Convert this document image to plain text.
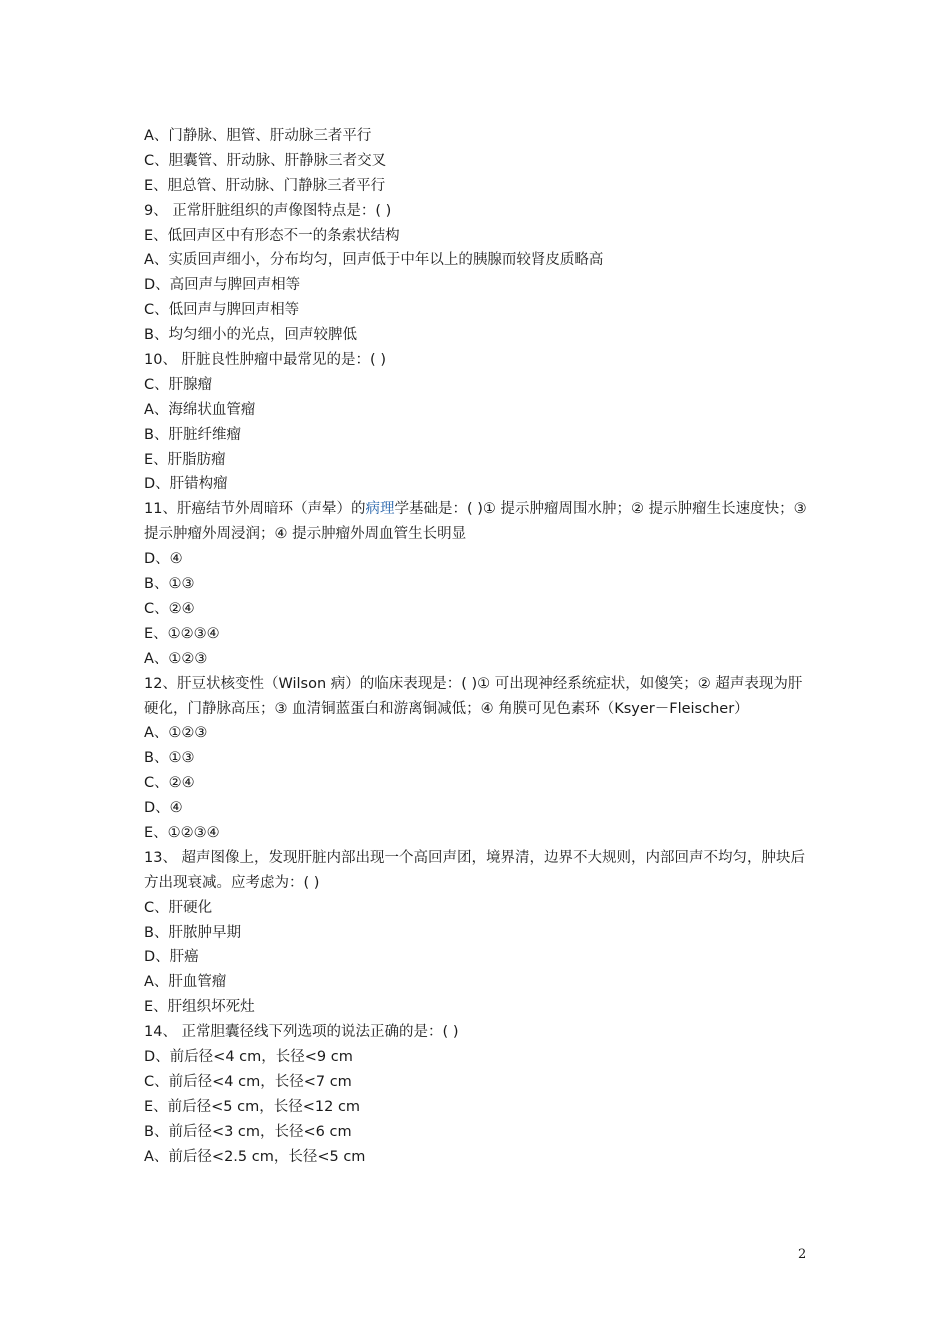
A、门静脉、胆管、肝动脉三者平行
C、胆囊管、肝动脉、肝静脉三者交叉
E、胆总管、肝动脉、门静脉三者平行
9、 正常肝脏组织的声像图特点是：( )
E、低回声区中有形态不一的条索状结构
A、实质回声细小，分布均匀，回声低于中年以上的胰腺而较肾皮质略高
D、高回声与脾回声相等
C、低回声与脾回声相等
B、均匀细小的光点，回声较脾低
10、 肝脏良性肿瘤中最常见的是：( )
C、肝腺瘤
A、海绵状血管瘤
B、肝脏纤维瘤
E、肝脂肪瘤
D、肝错构瘤
11、肝癌结节外周暗环（声晕）的病理学基础是：( )① 提示肿瘤周围水肿；② 提示肿瘤生长速度快；③ 提示肿瘤外周浸润；④ 提示肿瘤外周血管生长明显
D、④
B、①③
C、②④
E、①②③④
A、①②③
12、肝豆状核变性（Wilson 病）的临床表现是：( )① 可出现神经系统症状，如傻笑；② 超声表现为肝硬化，门静脉高压；③ 血清铜蓝蛋白和游离铜减低；④ 角膜可见色素环（Ksyer－Fleischer）
A、①②③
B、①③
C、②④
D、④
E、①②③④
13、 超声图像上，发现肝脏内部出现一个高回声团，境界清，边界不大规则，内部回声不均匀，肿块后方出现衰减。应考虑为：( )
C、肝硬化
B、肝脓肿早期
D、肝癌
A、肝血管瘤
E、肝组织坏死灶
14、 正常胆囊径线下列选项的说法正确的是：( )
D、前后径<4 cm，长径<9 cm
C、前后径<4 cm，长径<7 cm
E、前后径<5 cm，长径<12 cm
B、前后径<3 cm，长径<6 cm
A、前后径<2.5 cm，长径<5 cm
2
